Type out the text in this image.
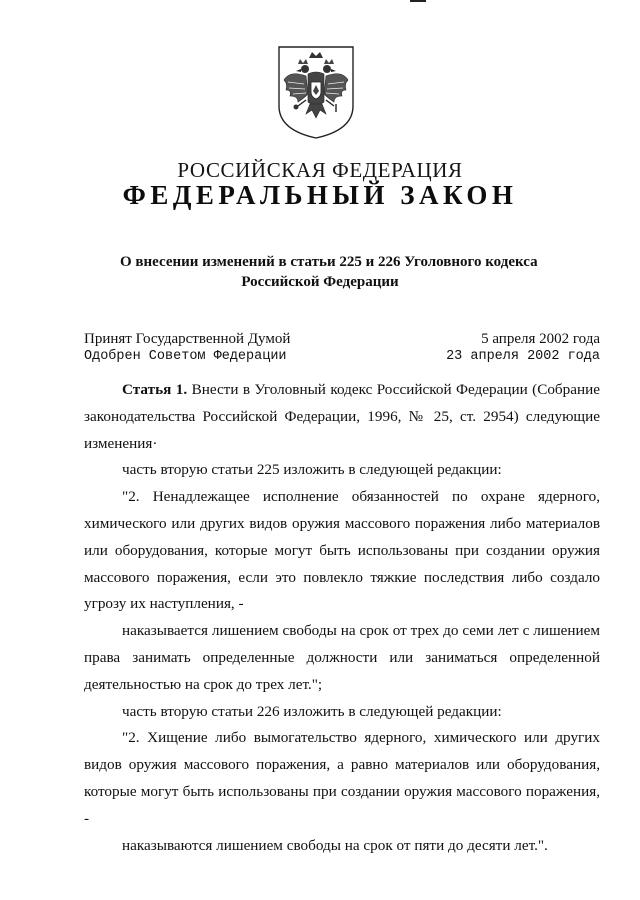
РОССИЙСКАЯ ФЕДЕРАЦИЯ
ФЕДЕРАЛЬНЫЙ ЗАКОН
О внесении изменений в статьи 225 и 226 Уголовного кодекса
Российской Федерации
Принят Государственной Думой	5 апреля 2002 года
Одобрен Советом Федерации	23 апреля 2002 года

Статья 1. Внести в Уголовный кодекс Российской Федерации (Собрание законодательства Российской Федерации, 1996, № 25, ст. 2954) следующие изменения·

часть вторую статьи 225 изложить в следующей редакции:

"2. Ненадлежащее исполнение обязанностей по охране ядерного, химического или других видов оружия массового поражения либо материалов или оборудования, которые могут быть использованы при создании оружия массового поражения, если это повлекло тяжкие последствия либо создало угрозу их наступления, -

наказывается лишением свободы на срок от трех до семи лет с лишением права занимать определенные должности или заниматься определенной деятельностью на срок до трех лет.";

часть вторую статьи 226 изложить в следующей редакции:

"2. Хищение либо вымогательство ядерного, химического или других видов оружия массового поражения, а равно материалов или оборудования, которые могут быть использованы при создании оружия массового поражения, -

наказываются лишением свободы на срок от пяти до десяти лет.".
